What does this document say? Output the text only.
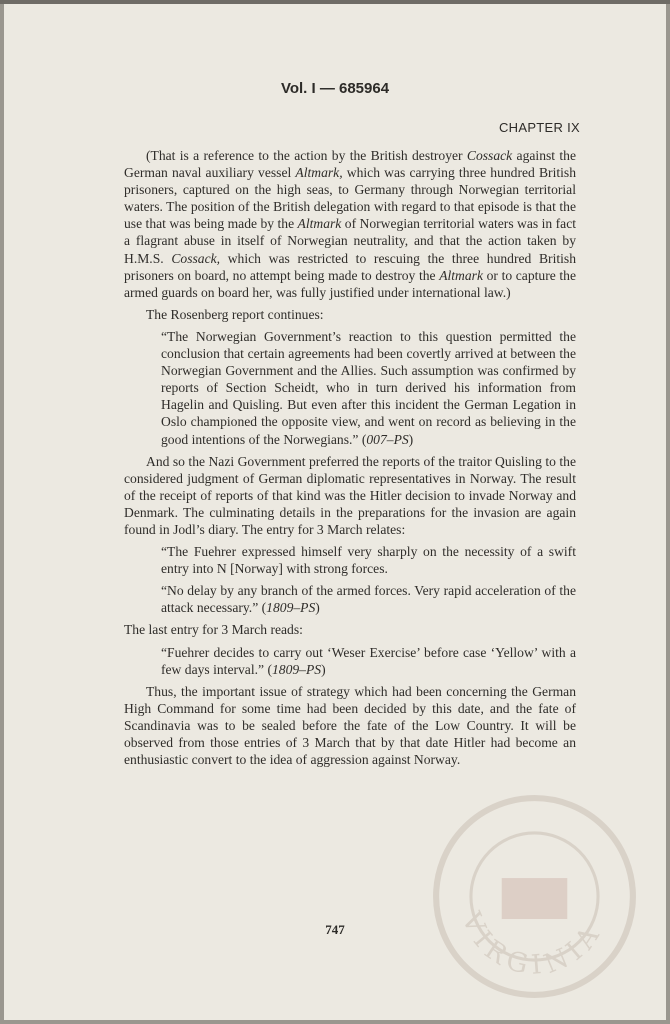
Vol. I — 685964
CHAPTER IX

(That is a reference to the action by the British destroyer Cossack against the German naval auxiliary vessel Altmark, which was carrying three hundred British prisoners, captured on the high seas, to Germany through Norwegian territorial waters. The position of the British delegation with regard to that episode is that the use that was being made by the Altmark of Norwegian territorial waters was in fact a flagrant abuse in itself of Norwegian neutrality, and that the action taken by H.M.S. Cossack, which was restricted to rescuing the three hundred British prisoners on board, no attempt being made to destroy the Altmark or to capture the armed guards on board her, was fully justified under international law.)

The Rosenberg report continues:

“The Norwegian Government’s reaction to this question permitted the conclusion that certain agreements had been covertly arrived at between the Norwegian Government and the Allies. Such assumption was confirmed by reports of Section Scheidt, who in turn derived his information from Hagelin and Quisling. But even after this incident the German Legation in Oslo championed the opposite view, and went on record as believing in the good intentions of the Norwegians.” (007–PS)

And so the Nazi Government preferred the reports of the traitor Quisling to the considered judgment of German diplomatic representatives in Norway. The result of the receipt of reports of that kind was the Hitler decision to invade Norway and Denmark. The culminating details in the preparations for the invasion are again found in Jodl’s diary. The entry for 3 March relates:

“The Fuehrer expressed himself very sharply on the necessity of a swift entry into N [Norway] with strong forces.

“No delay by any branch of the armed forces. Very rapid acceleration of the attack necessary.” (1809–PS)

The last entry for 3 March reads:

“Fuehrer decides to carry out ‘Weser Exercise’ before case ‘Yellow’ with a few days interval.” (1809–PS)

Thus, the important issue of strategy which had been concerning the German High Command for some time had been decided by this date, and the fate of Scandinavia was to be sealed before the fate of the Low Country. It will be observed from those entries of 3 March that by that date Hitler had become an enthusiastic convert to the idea of aggression against Norway.

747	VIRGINIA
